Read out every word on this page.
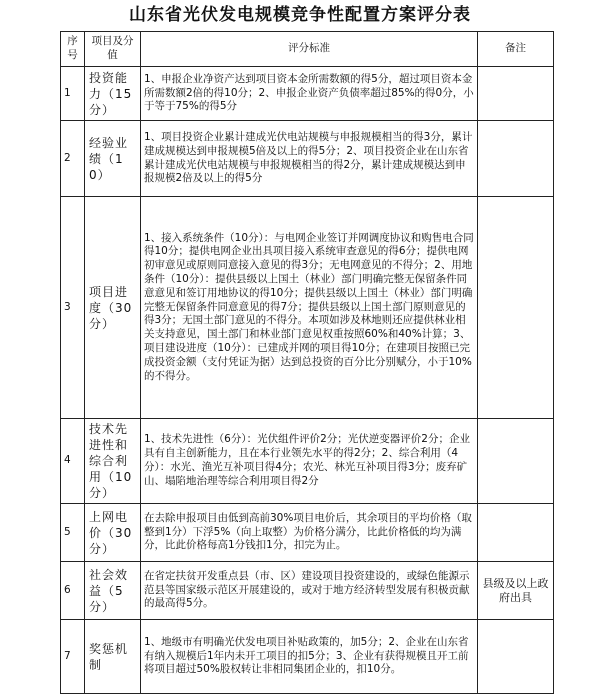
山东省光伏发电规模竞争性配置方案评分表
序号	项目及分值	评分标准	备注
1	投资能力（15分）	1、申报企业净资产达到项目资本金所需数额的得5分，超过项目资本金所需数额2倍的得10分；2、申报企业资产负债率超过85%的得0分，小于等于75%的得5分	
2	经验业绩（10）	1、项目投资企业累计建成光伏电站规模与申报规模相当的得3分，累计建成规模达到申报规模5倍及以上的得5分；2、项目投资企业在山东省累计建成光伏电站规模与申报规模相当的得2分，累计建成规模达到申报规模2倍及以上的得5分	
3	项目进度（30分）	1、接入系统条件（10分）：与电网企业签订并网调度协议和购售电合同得10分；提供电网企业出具项目接入系统审查意见的得6分；提供电网初审意见或原则同意接入意见的得3分；无电网意见的不得分；2、用地条件（10分）：提供县级以上国土（林业）部门明确完整无保留条件同意意见和签订用地协议的得10分；提供县级以上国土（林业）部门明确完整无保留条件同意意见的得7分；提供县级以上国土部门原则意见的得3分；无国土部门意见的不得分。本项如涉及林地则还应提供林业相关支持意见，国土部门和林业部门意见权重按照60%和40%计算；3、项目建设进度（10分）：已建成并网的项目得10分；在建项目按照已完成投资金额（支付凭证为据）达到总投资的百分比分别赋分，小于10%的不得分。	
4	技术先进性和综合利用（10分）	1、技术先进性（6分）：光伏组件评价2分；光伏逆变器评价2分；企业具有自主创新能力，且在本行业领先水平的得2分；2、综合利用（4分）：水光、渔光互补项目得4分；农光、林光互补项目得3分；废弃矿山、塌陷地治理等综合利用项目得2分	
5	上网电价（30分）	在去除申报项目由低到高前30%项目电价后，其余项目的平均价格（取整到1分）下浮5%（向上取整）为价格分满分，比此价格低的均为满分，比此价格每高1分钱扣1分，扣完为止。	
6	社会效益（5分）	在省定扶贫开发重点县（市、区）建设项目投资建设的，或绿色能源示范县等国家级示范区开展建设的，或对于地方经济转型发展有积极贡献的最高得5分。	县级及以上政府出具
7	奖惩机制	1、地级市有明确光伏发电项目补贴政策的，加5分；2、企业在山东省有纳入规模后1年内未开工项目的扣5分；3、企业有获得规模且开工前将项目超过50%股权转让非相同集团企业的，扣10分。	
